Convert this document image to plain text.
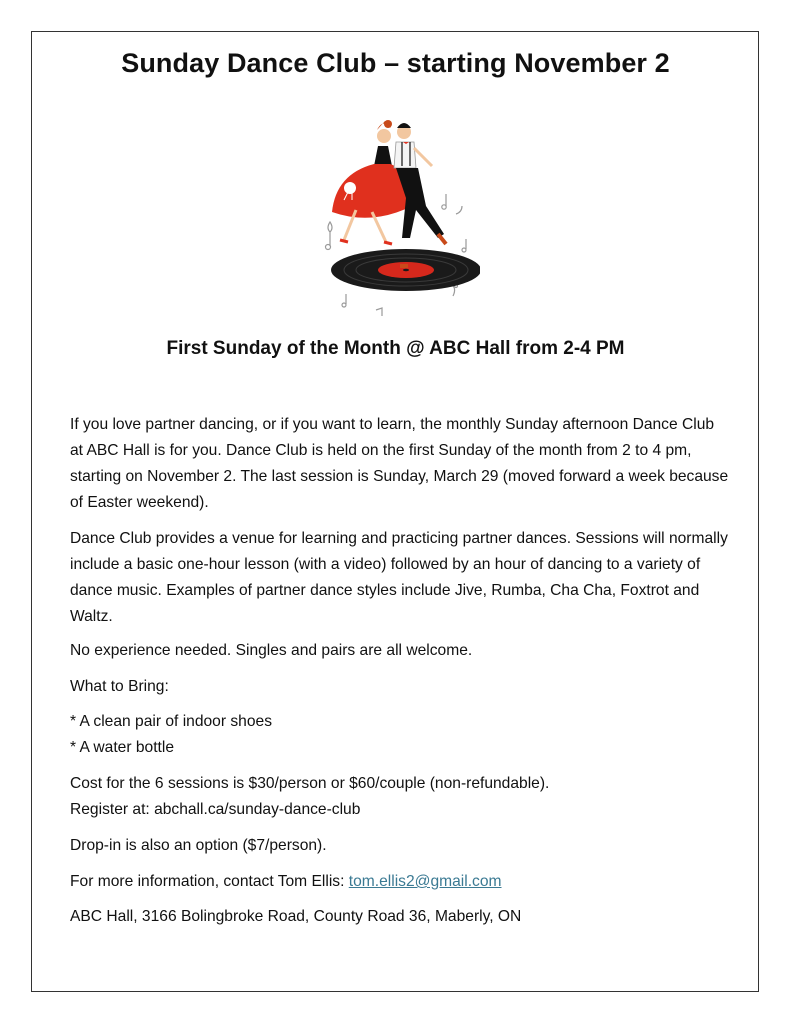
Sunday Dance Club – starting November 2
First Sunday of the Month @ ABC Hall from 2-4 PM

If you love partner dancing, or if you want to learn, the monthly Sunday afternoon Dance Club at ABC Hall is for you. Dance Club is held on the first Sunday of the month from 2 to 4 pm, starting on November 2. The last session is Sunday, March 29 (moved forward a week because of Easter weekend).

Dance Club provides a venue for learning and practicing partner dances. Sessions will normally include a basic one-hour lesson (with a video) followed by an hour of dancing to a variety of dance music. Examples of partner dance styles include Jive, Rumba, Cha Cha, Foxtrot and Waltz.

No experience needed. Singles and pairs are all welcome.

What to Bring:

* A clean pair of indoor shoes
* A water bottle
Cost for the 6 sessions is $30/person or $60/couple (non-refundable).
Register at: abchall.ca/sunday-dance-club

Drop-in is also an option ($7/person).

For more information, contact Tom Ellis: tom.ellis2@gmail.com

ABC Hall, 3166 Bolingbroke Road, County Road 36, Maberly, ON
